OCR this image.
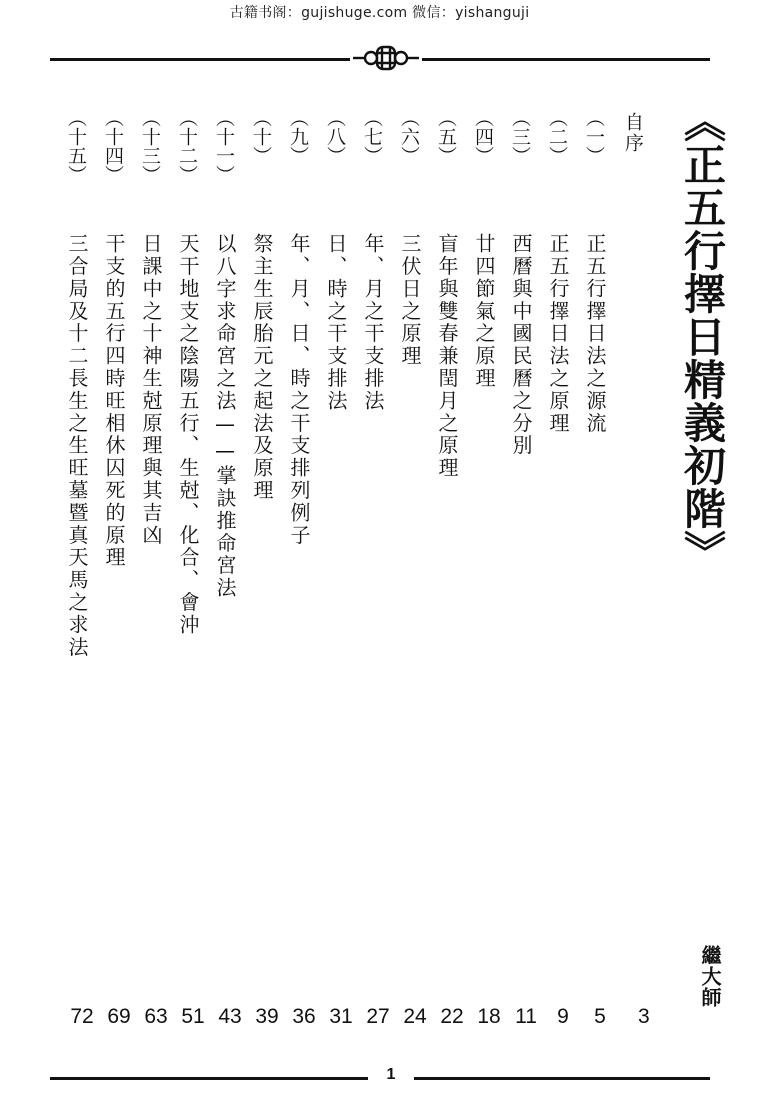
古籍书阁：gujishuge.com 微信：yishanguji
《正五行擇日精義初階》
自序
繼大師
3
（一）
正五行擇日法之源流
5
（二）
正五行擇日法之原理
9
（三）
西曆與中國民曆之分別
11
（四）
廿四節氣之原理
18
（五）
盲年與雙春兼閏月之原理
22
（六）
三伏日之原理
24
（七）
年、月之干支排法
27
（八）
日、時之干支排法
31
（九）
年、月、日、時之干支排列例子
36
（十）
祭主生辰胎元之起法及原理
39
（十一）
以八字求命宮之法——掌訣推命宮法
43
（十二）
天干地支之陰陽五行、生尅、化合、會沖
51
（十三）
日課中之十神生尅原理與其吉凶
63
（十四）
干支的五行四時旺相休囚死的原理
69
（十五）
三合局及十二長生之生旺墓暨真天馬之求法
72
1
